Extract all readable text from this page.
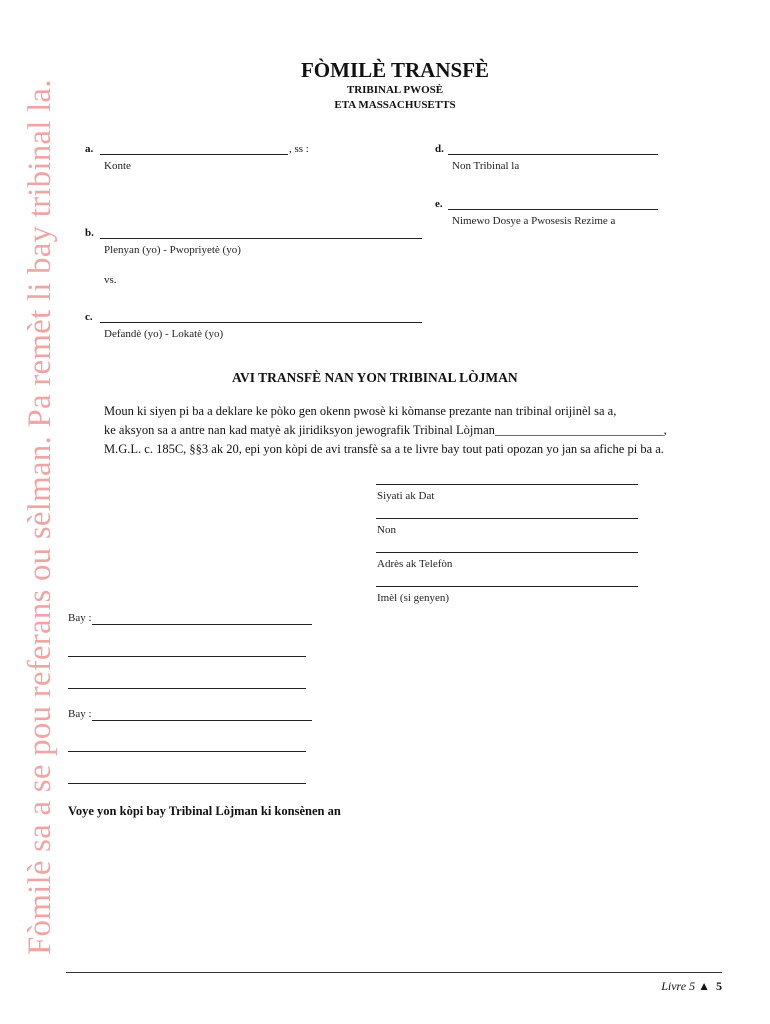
Fòmilè sa a se pou referans ou sèlman. Pa remèt li bay tribinal la.
FÒMILÈ TRANSFÈ
TRIBINAL PWOSÈ
ETA MASSACHUSETTS
a.	, ss :
Konte
d.
Non Tribinal la
e.
Nimewo Dosye a Pwosesis Rezime a
b.
Plenyan (yo) - Pwopriyetè (yo)
vs.
c.
Defandè (yo) - Lokatè (yo)
AVI TRANSFÈ NAN YON TRIBINAL LÒJMAN
Moun ki siyen pi ba a deklare ke pòko gen okenn pwosè ki kòmanse prezante nan tribinal orijinèl sa a,
ke aksyon sa a antre nan kad matyè ak jiridiksyon jewografik Tribinal Lòjman___________________________,
M.G.L. c. 185C, §§3 ak 20, epi yon kòpi de avi transfè sa a te livre bay tout pati opozan yo jan sa afiche pi ba a.
Siyati ak Dat
Non
Adrès ak Telefòn
Imèl (si genyen)
Bay :
Bay :
Voye yon kòpi bay Tribinal Lòjman ki konsènen an
Livre 5 ▲ 5
